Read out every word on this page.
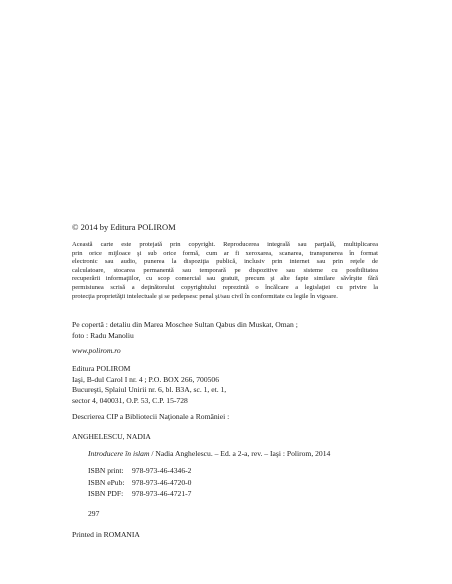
© 2014 by Editura POLIROM
Această carte este protejată prin copyright. Reproducerea integrală sau parţială, multiplicarea
prin orice mijloace şi sub orice formă, cum ar fi xeroxarea, scanarea, transpunerea în format
electronic sau audio, punerea la dispoziţia publică, inclusiv prin internet sau prin reţele de
calculatoare, stocarea permanentă sau temporară pe dispozitive sau sisteme cu posibilitatea
recuperării informaţiilor, cu scop comercial sau gratuit, precum şi alte fapte similare săvîrşite fără
permisiunea scrisă a deţinătorului copyrightului reprezintă o încălcare a legislaţiei cu privire la
protecţia proprietăţii intelectuale şi se pedepsesc penal şi/sau civil în conformitate cu legile în vigoare.
Pe copertă : detaliu din Marea Moschee Sultan Qabus din Muskat, Oman ;
foto : Radu Manoliu
www.polirom.ro
Editura POLIROM
Iaşi, B-dul Carol I nr. 4 ; P.O. BOX 266, 700506
Bucureşti, Splaiul Unirii nr. 6, bl. B3A, sc. 1, et. 1,
sector 4, 040031, O.P. 53, C.P. 15-728
Descrierea CIP a Bibliotecii Naţionale a României :
ANGHELESCU, NADIA
Introducere în islam / Nadia Anghelescu. – Ed. a 2-a, rev. – Iaşi : Polirom, 2014
ISBN print: 978-973-46-4346-2
ISBN ePub: 978-973-46-4720-0
ISBN PDF: 978-973-46-4721-7
297
Printed in ROMANIA
